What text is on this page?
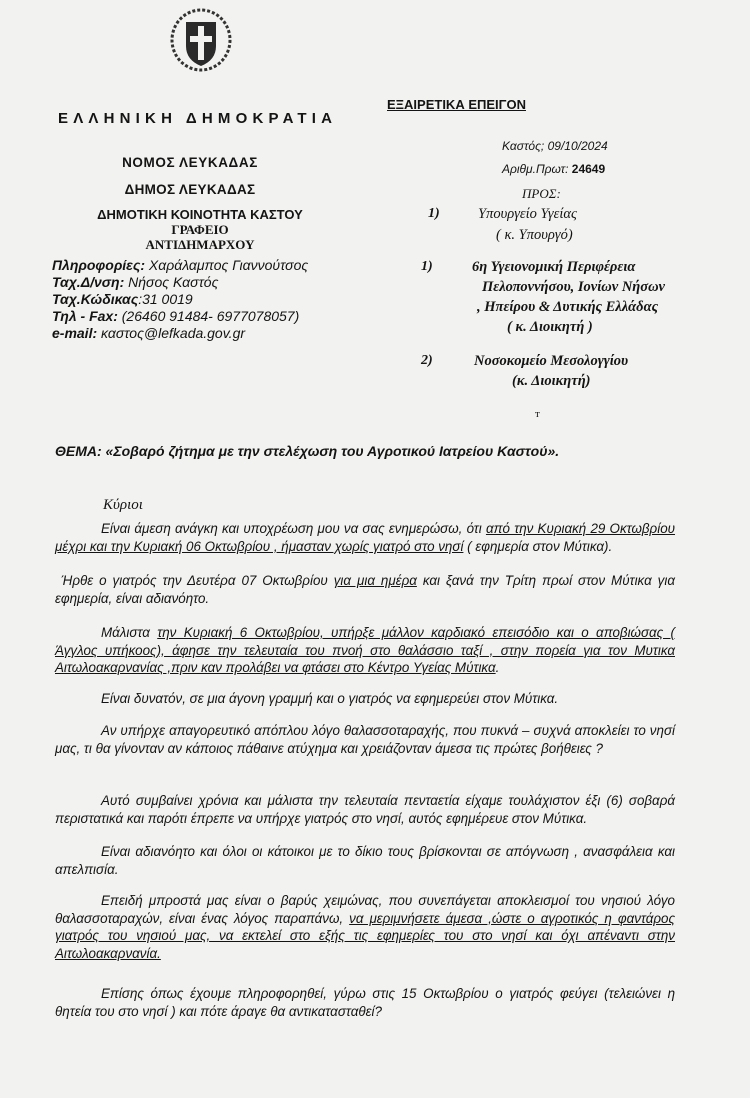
ΕΛΛΗΝΙΚΗ ΔΗΜΟΚΡΑΤΙΑ
ΕΞΑΙΡΕΤΙΚΑ ΕΠΕΙΓΟΝ
ΝΟΜΟΣ ΛΕΥΚΑΔΑΣ
ΔΗΜΟΣ ΛΕΥΚΑΔΑΣ
ΔΗΜΟΤΙΚΗ ΚΟΙΝΟΤΗΤΑ ΚΑΣΤΟΥ
ΓΡΑΦΕΙΟ
ΑΝΤΙΔΗΜΑΡΧΟΥ
Πληροφορίες: Χαράλαμπος Γιαννούτσος
Ταχ.Δ/νση: Νήσος Καστός
Ταχ.Κώδικας:31 0019
Τηλ - Fax: (26460 91484- 6977078057)
e-mail: καστος@lefkada.gov.gr
Καστός; 09/10/2024
Αριθμ.Πρωτ: 24649
ΠΡΟΣ:
1)	Υπουργείο Υγείας
( κ. Υπουργό)
1)	6η Υγειονομική Περιφέρεια
Πελοποννήσου, Ιονίων Νήσων
, Ηπείρου & Δυτικής Ελλάδας
( κ. Διοικητή )
2)	Νοσοκομείο Μεσολογγίου
(κ. Διοικητή)
т
ΘΕΜΑ: «Σοβαρό ζήτημα με την στελέχωση του Αγροτικού Ιατρείου Καστού».
Κύριοι
Είναι άμεση ανάγκη και υποχρέωση μου να σας ενημερώσω, ότι από την Κυριακή 29 Οκτωβρίου μέχρι και την Κυριακή 06 Οκτωβρίου , ήμασταν χωρίς γιατρό στο νησί ( εφημερία στον Μύτικα).
Ήρθε ο γιατρός την Δευτέρα 07 Οκτωβρίου για μια ημέρα και ξανά την Τρίτη πρωί στον Μύτικα για εφημερία, είναι αδιανόητο.
Μάλιστα την Κυριακή 6 Οκτωβρίου, υπήρξε μάλλον καρδιακό επεισόδιο και ο αποβιώσας ( Άγγλος υπήκοος), άφησε την τελευταία του πνοή στο θαλάσσιο ταξί , στην πορεία για τον Μυτικα Αιτωλοακαρνανίας ,πριν καν προλάβει να φτάσει στο Κέντρο Υγείας Μύτικα.
Είναι δυνατόν, σε μια άγονη γραμμή και ο γιατρός να εφημερεύει στον Μύτικα.
Αν υπήρχε απαγορευτικό απόπλου λόγο θαλασσοταραχής, που πυκνά – συχνά αποκλείει το νησί μας, τι θα γίνονταν αν κάποιος πάθαινε ατύχημα και χρειάζονταν άμεσα τις πρώτες βοήθειες ?
Αυτό συμβαίνει χρόνια και μάλιστα την τελευταία πενταετία είχαμε τουλάχιστον έξι (6) σοβαρά περιστατικά και παρότι έπρεπε να υπήρχε γιατρός στο νησί, αυτός εφημέρευε στον Μύτικα.
Είναι αδιανόητο και όλοι οι κάτοικοι με το δίκιο τους βρίσκονται σε απόγνωση , ανασφάλεια και απελπισία.
Επειδή μπροστά μας είναι ο βαρύς χειμώνας, που συνεπάγεται αποκλεισμοί του νησιού λόγο θαλασσοταραχών, είναι ένας λόγος παραπάνω, να μεριμνήσετε άμεσα ,ώστε ο αγροτικός η φαντάρος γιατρός του νησιού μας, να εκτελεί στο εξής τις εφημερίες του στο νησί και όχι απέναντι στην Αιτωλοακαρνανία.
Επίσης όπως έχουμε πληροφορηθεί, γύρω στις 15 Οκτωβρίου ο γιατρός φεύγει (τελειώνει η θητεία του στο νησί ) και πότε άραγε θα αντικατασταθεί?
